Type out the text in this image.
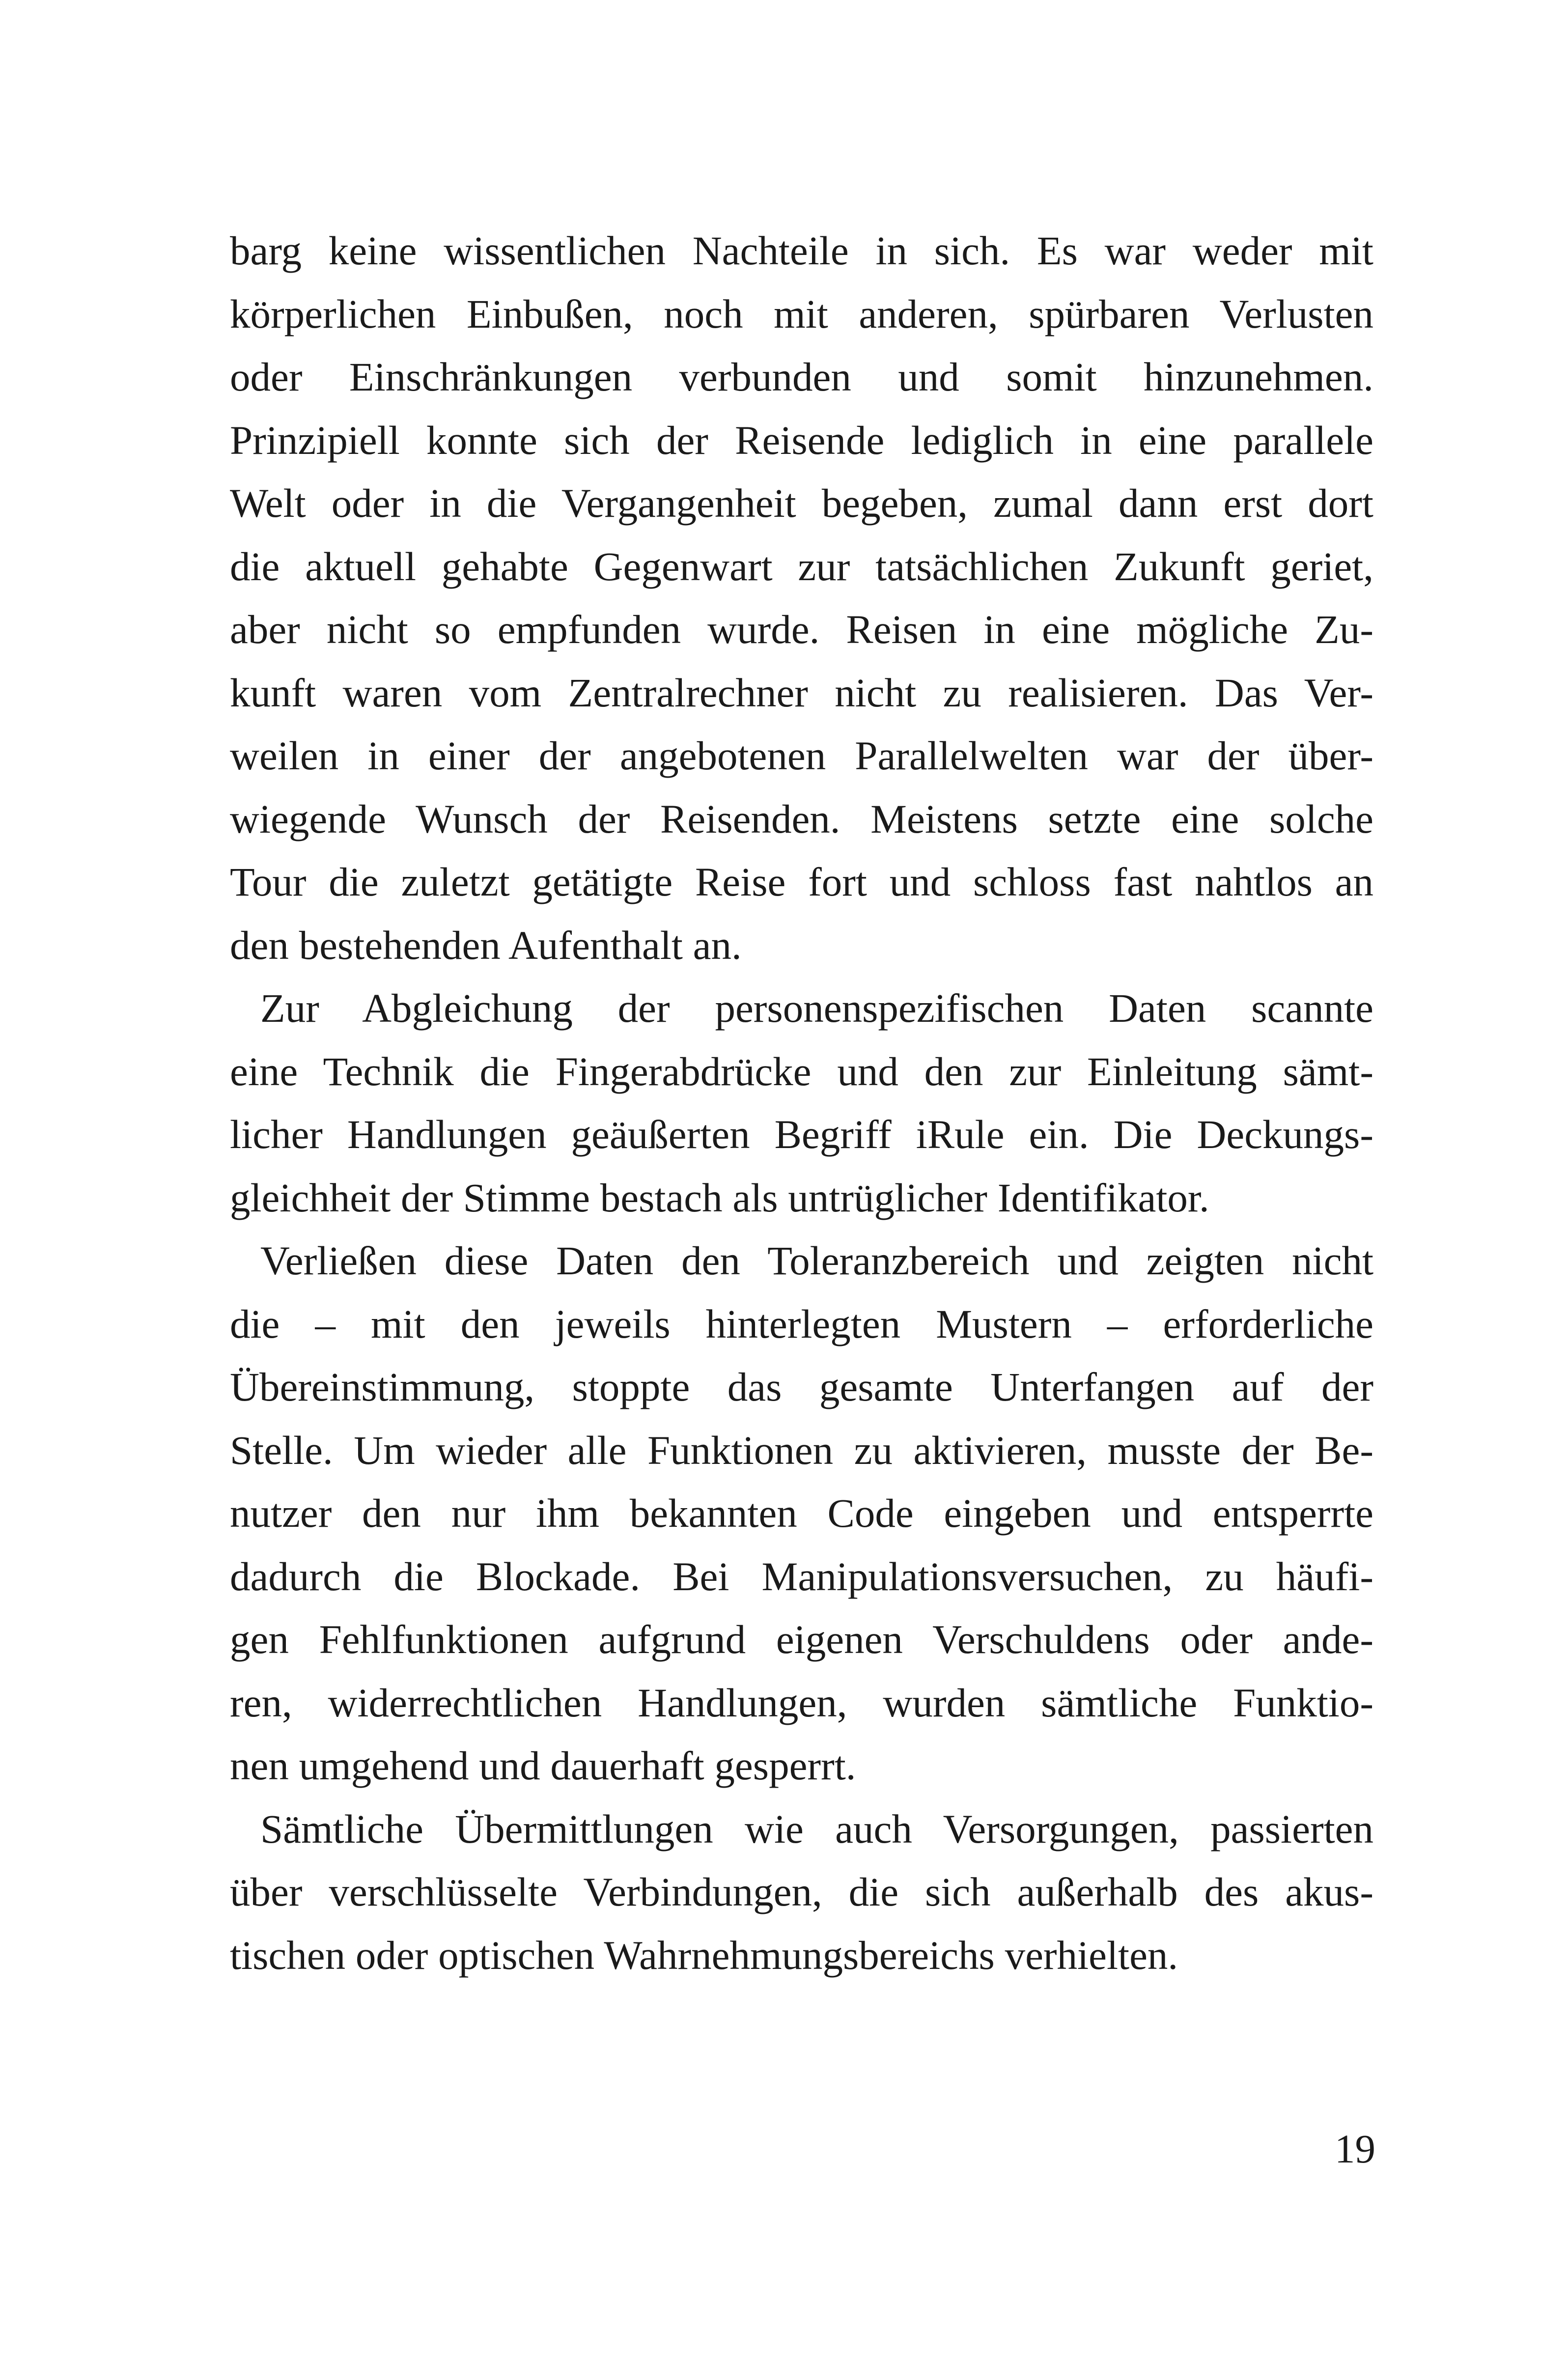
barg keine wissentlichen Nachteile in sich. Es war weder mit
körperlichen Einbußen, noch mit anderen, spürbaren Verlusten
oder Einschränkungen verbunden und somit hinzunehmen.
Prinzipiell konnte sich der Reisende lediglich in eine parallele
Welt oder in die Vergangenheit begeben, zumal dann erst dort
die aktuell gehabte Gegenwart zur tatsächlichen Zukunft geriet,
aber nicht so empfunden wurde. Reisen in eine mögliche Zu-
kunft waren vom Zentralrechner nicht zu realisieren. Das Ver-
weilen in einer der angebotenen Parallelwelten war der über-
wiegende Wunsch der Reisenden. Meistens setzte eine solche
Tour die zuletzt getätigte Reise fort und schloss fast nahtlos an
den bestehenden Aufenthalt an.
Zur Abgleichung der personenspezifischen Daten scannte
eine Technik die Fingerabdrücke und den zur Einleitung sämt-
licher Handlungen geäußerten Begriff iRule ein. Die Deckungs-
gleichheit der Stimme bestach als untrüglicher Identifikator.
Verließen diese Daten den Toleranzbereich und zeigten nicht
die – mit den jeweils hinterlegten Mustern – erforderliche
Übereinstimmung, stoppte das gesamte Unterfangen auf der
Stelle. Um wieder alle Funktionen zu aktivieren, musste der Be-
nutzer den nur ihm bekannten Code eingeben und entsperrte
dadurch die Blockade. Bei Manipulationsversuchen, zu häufi-
gen Fehlfunktionen aufgrund eigenen Verschuldens oder ande-
ren, widerrechtlichen Handlungen, wurden sämtliche Funktio-
nen umgehend und dauerhaft gesperrt.
Sämtliche Übermittlungen wie auch Versorgungen, passierten
über verschlüsselte Verbindungen, die sich außerhalb des akus-
tischen oder optischen Wahrnehmungsbereichs verhielten.
19
